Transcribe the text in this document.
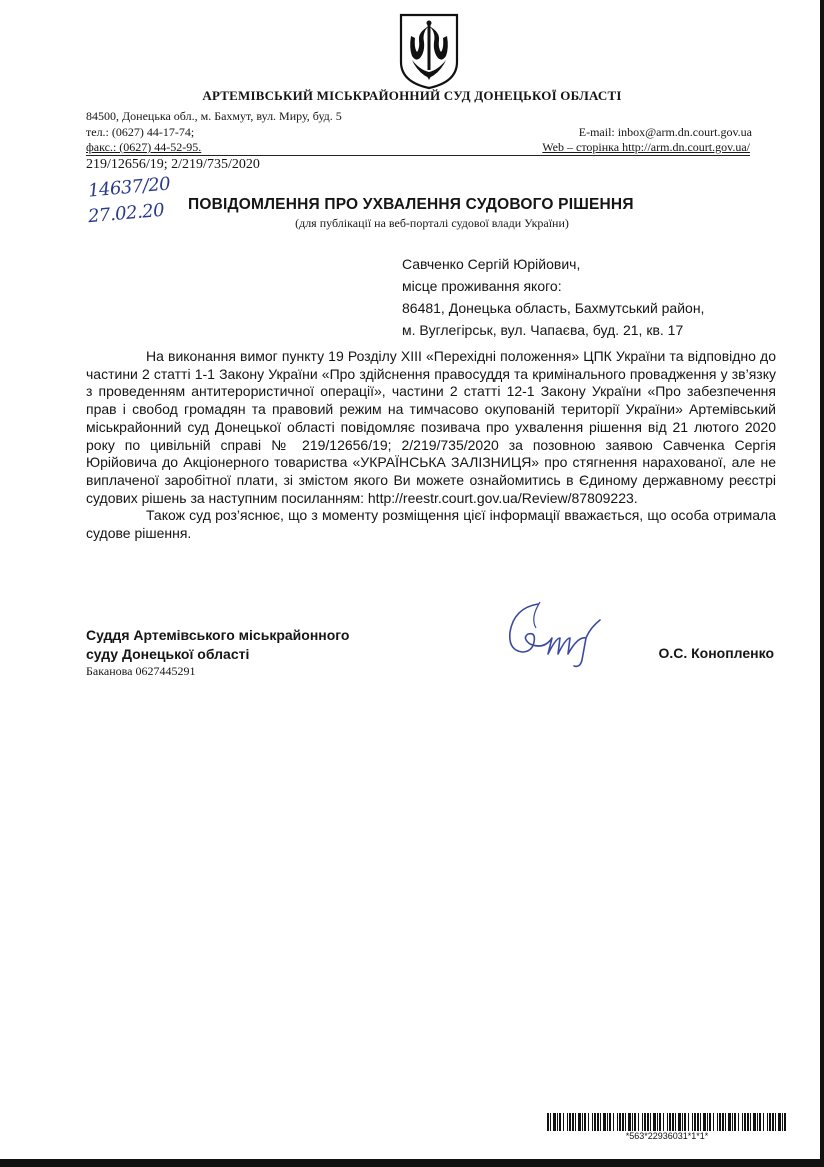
АРТЕМІВСЬКИЙ МІСЬКРАЙОННИЙ СУД ДОНЕЦЬКОЇ ОБЛАСТІ
84500, Донецька обл., м. Бахмут, вул. Миру, буд. 5
тел.: (0627) 44-17-74;
факс.: (0627) 44-52-95.
E-mail: inbox@arm.dn.court.gov.ua
Web – сторінка http://arm.dn.court.gov.ua/
219/12656/19; 2/219/735/2020
14637/20
27.02.20 ПОВІДОМЛЕННЯ ПРО УХВАЛЕННЯ СУДОВОГО РІШЕННЯ
(для публікації на веб-порталі судової влади України)
Савченко Сергій Юрійович,
місце проживання якого:
86481, Донецька область, Бахмутський район,
м. Вуглегірськ, вул. Чапаєва, буд. 21, кв. 17

На виконання вимог пункту 19 Розділу XIII «Перехідні положення» ЦПК України та відповідно до частини 2 статті 1-1 Закону України «Про здійснення правосуддя та кримінального провадження у зв’язку з проведенням антитерористичної операції», частини 2 статті 12-1 Закону України «Про забезпечення прав і свобод громадян та правовий режим на тимчасово окупованій території України» Артемівський міськрайонний суд Донецької області повідомляє позивача про ухвалення рішення від 21 лютого 2020 року по цивільній справі № 219/12656/19; 2/219/735/2020 за позовною заявою Савченка Сергія Юрійовича до Акціонерного товариства «УКРАЇНСЬКА ЗАЛІЗНИЦЯ» про стягнення нарахованої, але не виплаченої заробітної плати, зі змістом якого Ви можете ознайомитись в Єдиному державному реєстрі судових рішень за наступним посиланням: http://reestr.court.gov.ua/Review/87809223.

Також суд роз’яснює, що з моменту розміщення цієї інформації вважається, що особа отримала судове рішення.

Суддя Артемівського міськрайонного
суду Донецької області
Баканова 0627445291
О.С. Конопленко
*563*22936031*1*1*
